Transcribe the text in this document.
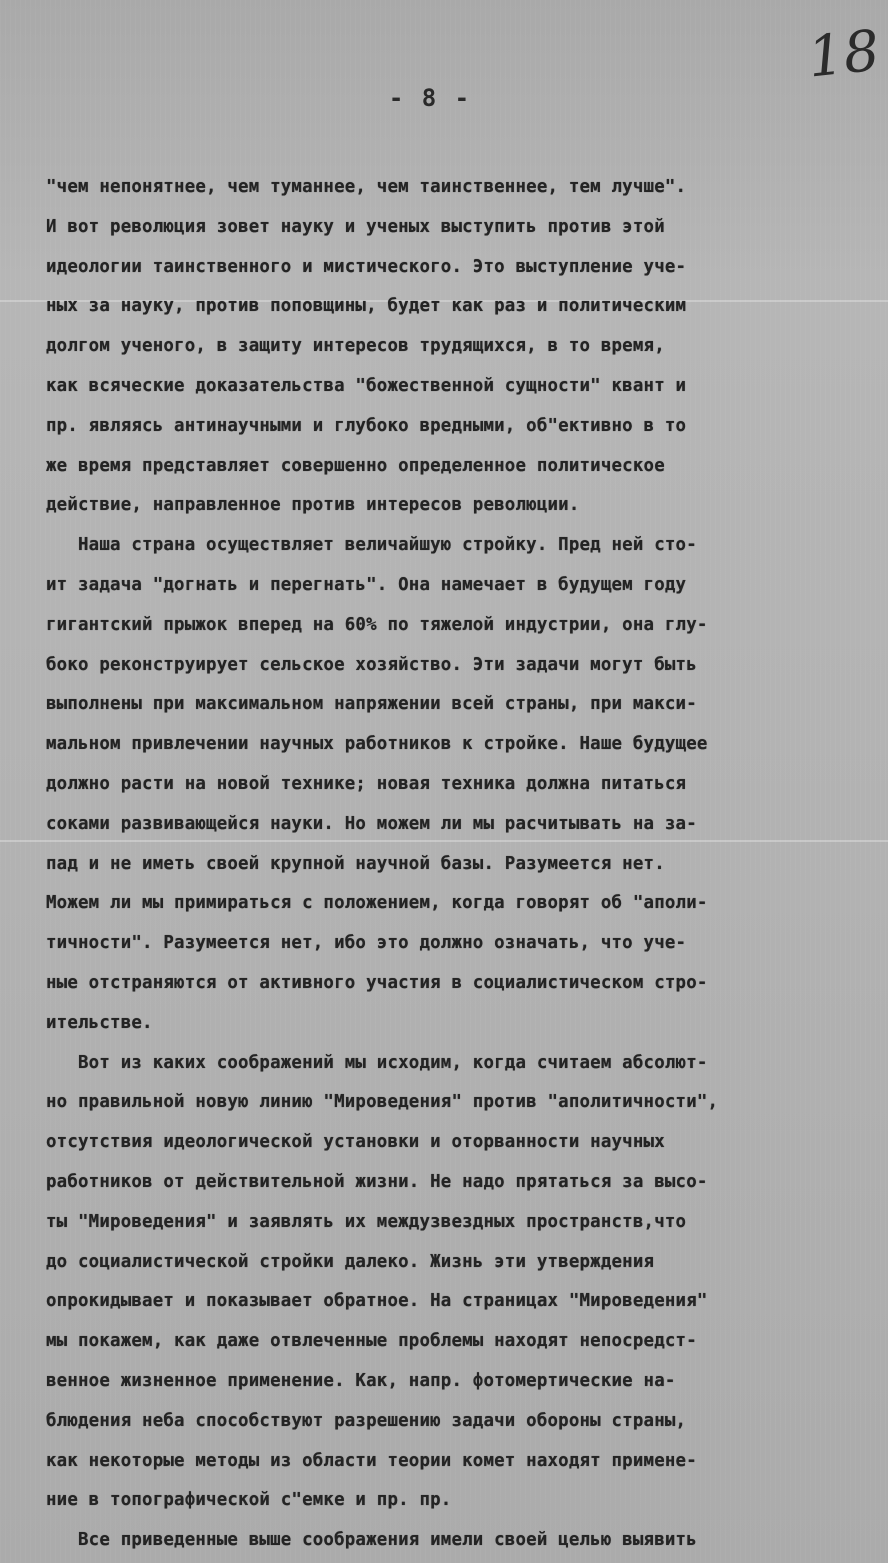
- 8 -
18
"чем непонятнее, чем туманнее, чем таинственнее, тем лучше".
И вот революция зовет науку и ученых выступить против этой
идеологии таинственного и мистического. Это выступление уче-
ных за науку, против поповщины, будет как раз и политическим
долгом ученого, в защиту интересов трудящихся, в то время,
как всяческие доказательства "божественной сущности" квант и
пр. являясь антинаучными и глубоко вредными, об"ективно в то
же время представляет совершенно определенное политическое
действие, направленное против интересов революции.
Наша страна осуществляет величайшую стройку. Пред ней сто-
ит задача "догнать и перегнать". Она намечает в будущем году
гигантский прыжок вперед на 60% по тяжелой индустрии, она глу-
боко реконструирует сельское хозяйство. Эти задачи могут быть
выполнены при максимальном напряжении всей страны, при макси-
мальном привлечении научных работников к стройке. Наше будущее
должно расти на новой технике; новая техника должна питаться
соками развивающейся науки. Но можем ли мы расчитывать на за-
пад и не иметь своей крупной научной базы. Разумеется нет.
Можем ли мы примираться с положением, когда говорят об "аполи-
тичности". Разумеется нет, ибо это должно означать, что уче-
ные отстраняются от активного участия в социалистическом стро-
ительстве.
Вот из каких соображений мы исходим, когда считаем абсолют-
но правильной новую линию "Мироведения" против "аполитичности",
отсутствия идеологической установки и оторванности научных
работников от действительной жизни. Не надо прятаться за высо-
ты "Мироведения" и заявлять их междузвездных пространств,что
до социалистической стройки далеко. Жизнь эти утверждения
опрокидывает и показывает обратное. На страницах "Мироведения"
мы покажем, как даже отвлеченные проблемы находят непосредст-
венное жизненное применение. Как, напр. фотомертические на-
блюдения неба способствуют разрешению задачи обороны страны,
как некоторые методы из области теории комет находят примене-
ние в топографической с"емке и пр. пр.
Все приведенные выше соображения имели своей целью выявить
